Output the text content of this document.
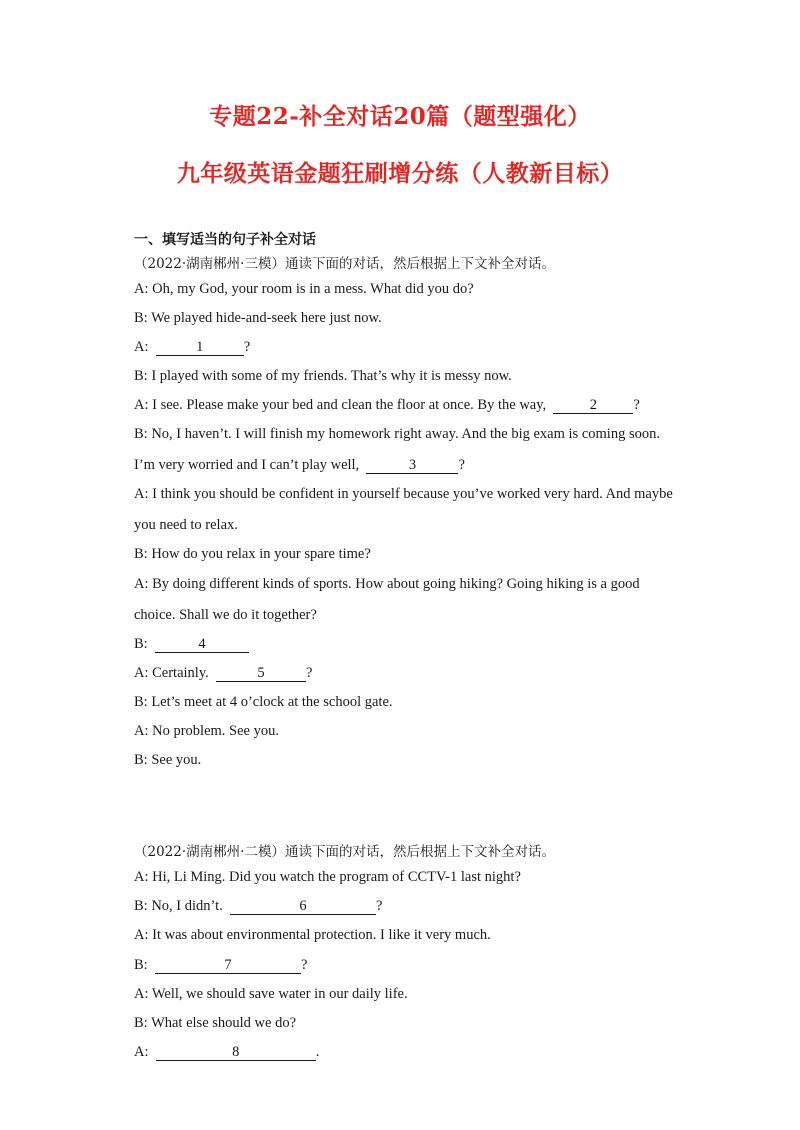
专题22-补全对话20篇（题型强化）
九年级英语金题狂刷增分练（人教新目标）
一、填写适当的句子补全对话
（2022·湖南郴州·三模）通读下面的对话，然后根据上下文补全对话。
A: Oh, my God, your room is in a mess. What did you do?
B: We played hide-and-seek here just now.
A:	1	?
B: I played with some of my friends. That’s why it is messy now.
A: I see. Please make your bed and clean the floor at once. By the way,	2	?
B: No, I haven’t. I will finish my homework right away. And the big exam is coming soon.
I’m very worried and I can’t play well,	3	?
A: I think you should be confident in yourself because you’ve worked very hard. And maybe
you need to relax.
B: How do you relax in your spare time?
A: By doing different kinds of sports. How about going hiking? Going hiking is a good
choice. Shall we do it together?
B:	4
A: Certainly.	5	?
B: Let’s meet at 4 o’clock at the school gate.
A: No problem. See you.
B: See you.
（2022·湖南郴州·二模）通读下面的对话，然后根据上下文补全对话。
A: Hi, Li Ming. Did you watch the program of CCTV-1 last night?
B: No, I didn’t.	6	?
A: It was about environmental protection. I like it very much.
B:	7	?
A: Well, we should save water in our daily life.
B: What else should we do?
A:	8	.
